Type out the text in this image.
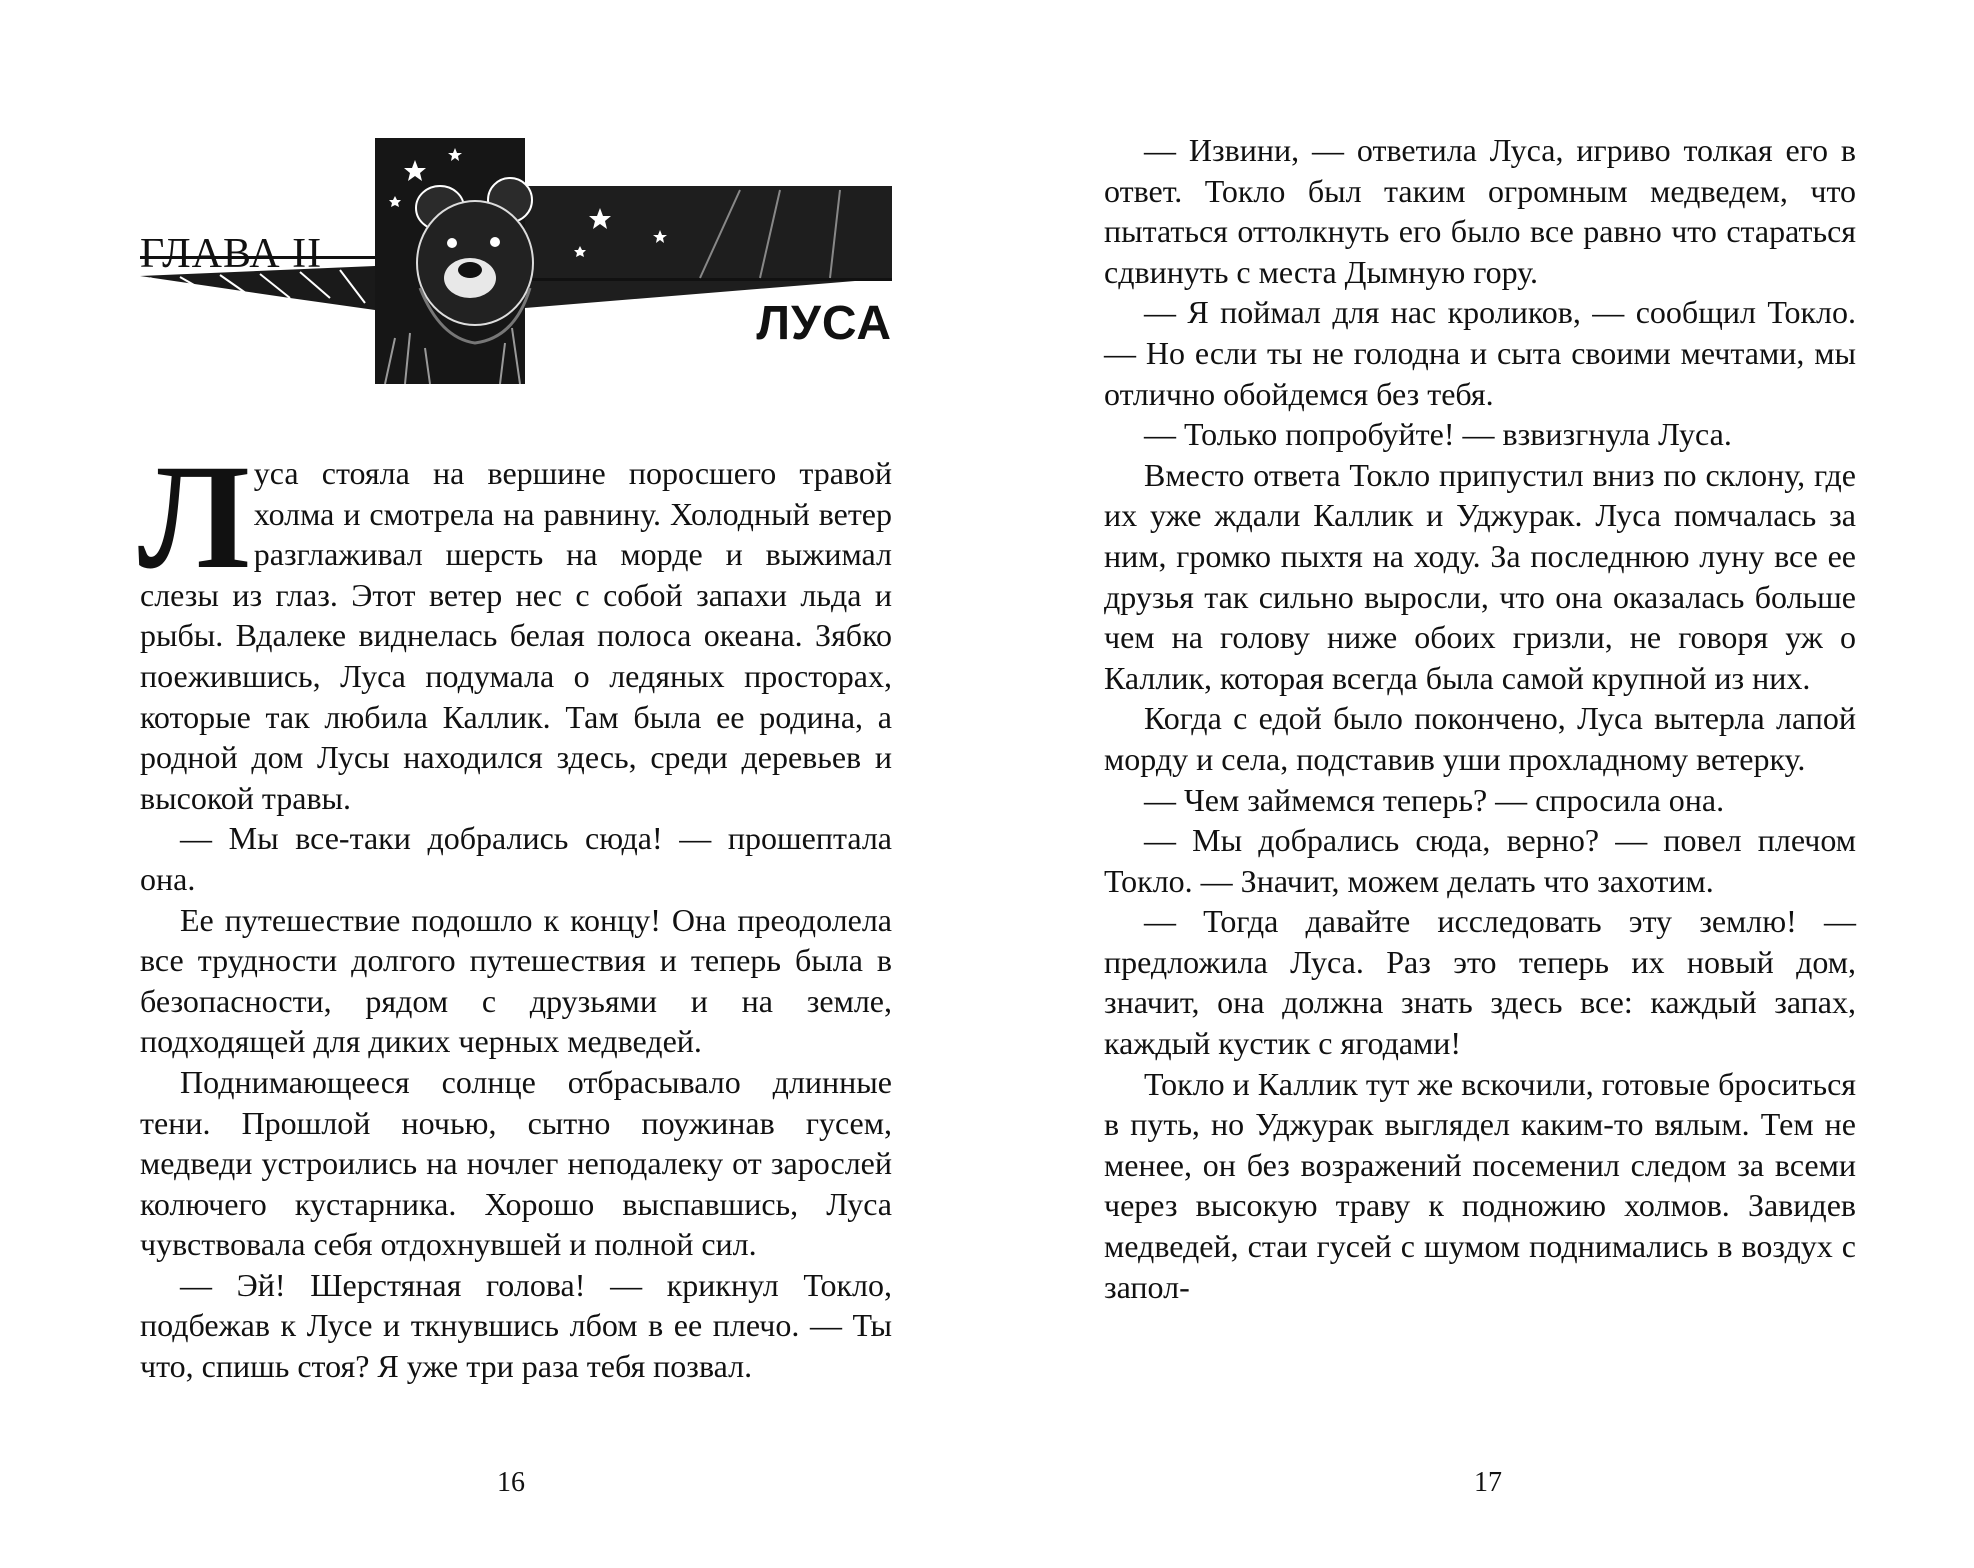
ГЛАВА II
ЛУСА

Луса стояла на вершине поросшего травой холма и смотрела на равнину. Холодный ветер разглаживал шерсть на морде и выжимал слезы из глаз. Этот ветер нес с собой запахи льда и рыбы. Вдалеке виднелась белая полоса океана. Зябко поежившись, Луса подумала о ледяных просторах, которые так любила Каллик. Там была ее родина, а родной дом Лусы находился здесь, среди деревьев и высокой травы.

— Мы все-таки добрались сюда! — прошептала она.

Ее путешествие подошло к концу! Она преодолела все трудности долгого путешествия и теперь была в безопасности, рядом с друзьями и на земле, подходящей для диких черных медведей.

Поднимающееся солнце отбрасывало длинные тени. Прошлой ночью, сытно поужинав гусем, медведи устроились на ночлег неподалеку от зарослей колючего кустарника. Хорошо выспавшись, Луса чувствовала себя отдохнувшей и полной сил.

— Эй! Шерстяная голова! — крикнул Токло, подбежав к Лусе и ткнувшись лбом в ее плечо. — Ты что, спишь стоя? Я уже три раза тебя позвал.

16

— Извини, — ответила Луса, игриво толкая его в ответ. Токло был таким огромным медведем, что пытаться оттолкнуть его было все равно что стараться сдвинуть с места Дымную гору.

— Я поймал для нас кроликов, — сообщил Токло. — Но если ты не голодна и сыта своими мечтами, мы отлично обойдемся без тебя.

— Только попробуйте! — взвизгнула Луса.

Вместо ответа Токло припустил вниз по склону, где их уже ждали Каллик и Уджурак. Луса помчалась за ним, громко пыхтя на ходу. За последнюю луну все ее друзья так сильно выросли, что она оказалась больше чем на голову ниже обоих гризли, не говоря уж о Каллик, которая всегда была самой крупной из них.

Когда с едой было покончено, Луса вытерла лапой морду и села, подставив уши прохладному ветерку.

— Чем займемся теперь? — спросила она.

— Мы добрались сюда, верно? — повел плечом Токло. — Значит, можем делать что захотим.

— Тогда давайте исследовать эту землю! — предложила Луса. Раз это теперь их новый дом, значит, она должна знать здесь все: каждый запах, каждый кустик с ягодами!

Токло и Каллик тут же вскочили, готовые броситься в путь, но Уджурак выглядел каким-то вялым. Тем не менее, он без возражений посеменил следом за всеми через высокую траву к подножию холмов. Завидев медведей, стаи гусей с шумом поднимались в воздух с запол-

17
